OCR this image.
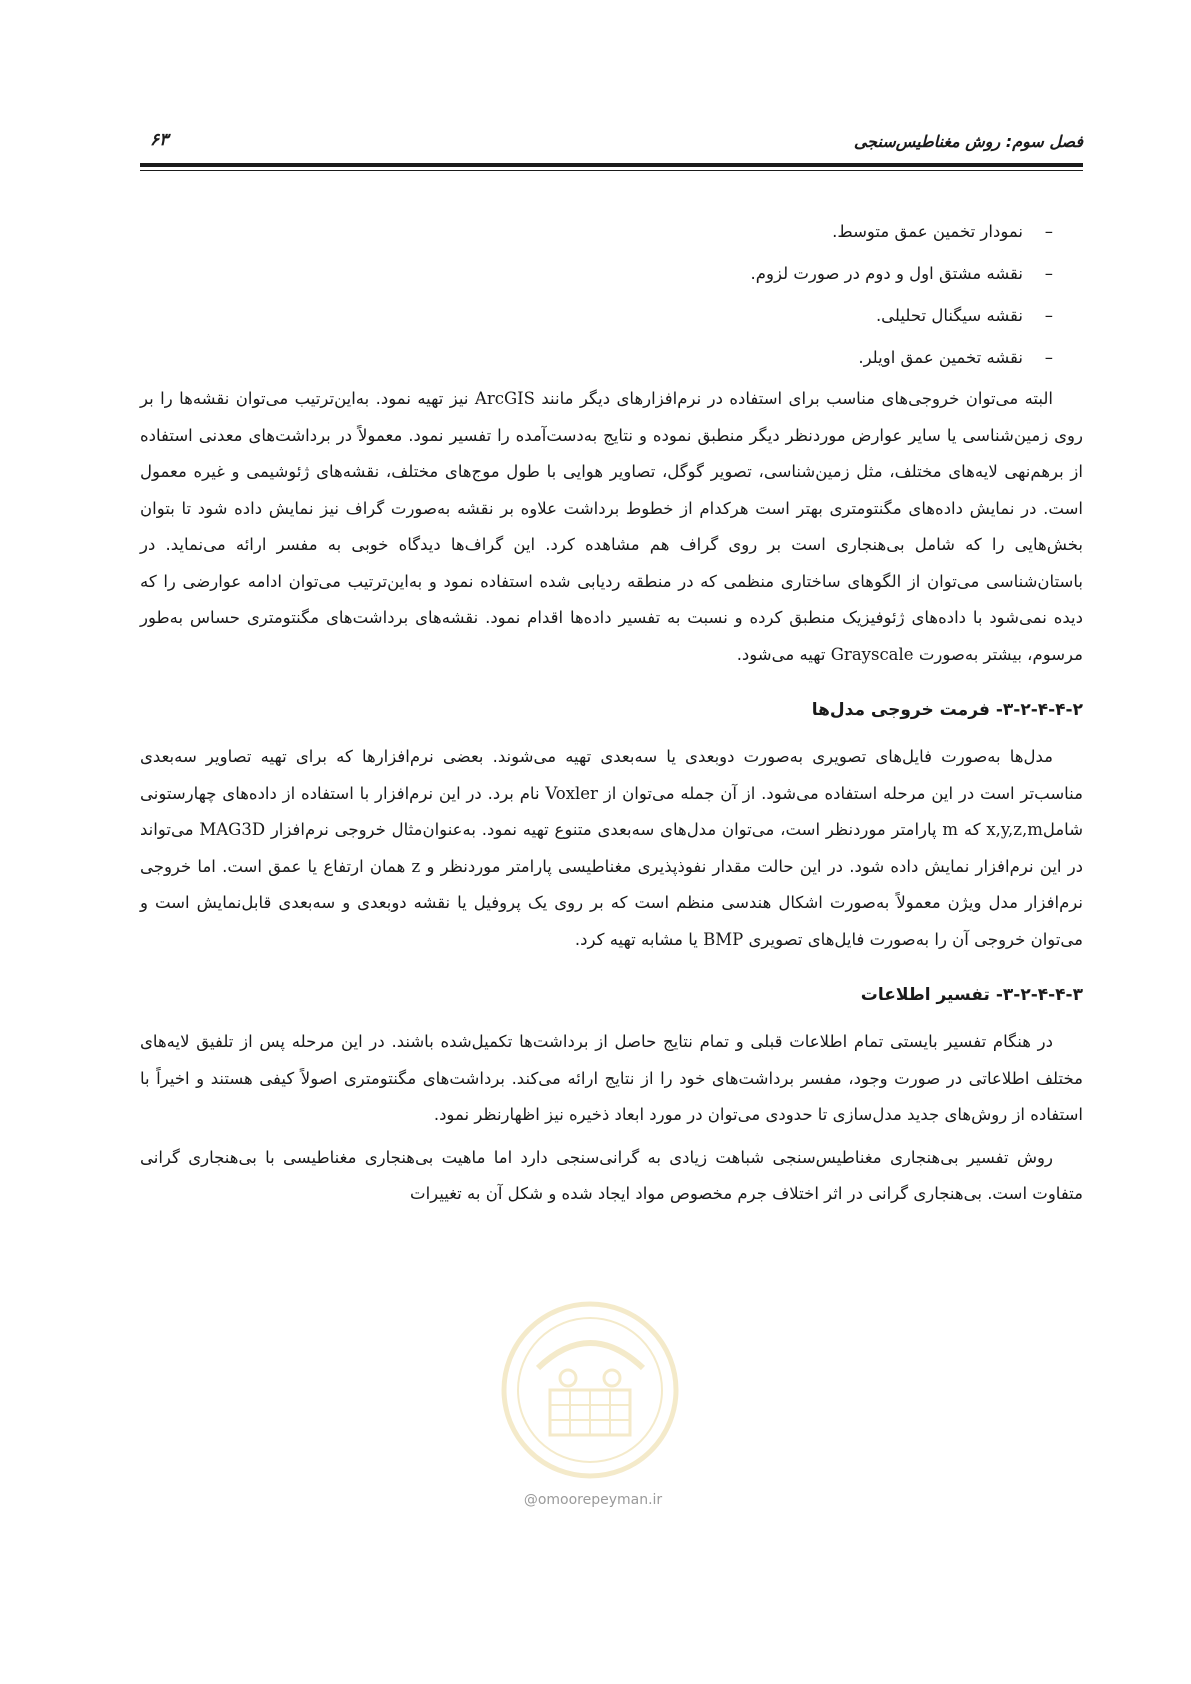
فصل سوم: روش مغناطیس‌سنجی
۶۳
–نمودار تخمین عمق متوسط.
–نقشه مشتق اول و دوم در صورت لزوم.
–نقشه سیگنال تحلیلی.
–نقشه تخمین عمق اویلر.

البته می‌توان خروجی‌های مناسب برای استفاده در نرم‌افزارهای دیگر مانند ArcGIS نیز تهیه نمود. به‌این‌ترتیب می‌توان نقشه‌ها را بر روی زمین‌شناسی یا سایر عوارض موردنظر دیگر منطبق نموده و نتایج به‌دست‌آمده را تفسیر نمود. معمولاً در برداشت‌های معدنی استفاده از برهم‌نهی لایه‌های مختلف، مثل زمین‌شناسی، تصویر گوگل، تصاویر هوایی با طول موج‌های مختلف، نقشه‌های ژئوشیمی و غیره معمول است. در نمایش داده‌های مگنتومتری بهتر است هرکدام از خطوط برداشت علاوه بر نقشه به‌صورت گراف نیز نمایش داده شود تا بتوان بخش‌هایی را که شامل بی‌هنجاری است بر روی گراف هم مشاهده کرد. این گراف‌ها دیدگاه خوبی به مفسر ارائه می‌نماید. در باستان‌شناسی می‌توان از الگوهای ساختاری منظمی که در منطقه ردیابی شده استفاده نمود و به‌این‌ترتیب می‌توان ادامه عوارضی را که دیده نمی‌شود با داده‌های ژئوفیزیک منطبق کرده و نسبت به تفسیر داده‌ها اقدام نمود. نقشه‌های برداشت‌های مگنتومتری حساس به‌طور مرسوم، بیشتر به‌صورت Grayscale تهیه می‌شود.

۳-۲-۴-۴-۲- فرمت خروجی مدل‌ها

مدل‌ها به‌صورت فایل‌های تصویری به‌صورت دوبعدی یا سه‌بعدی تهیه می‌شوند. بعضی نرم‌افزارها که برای تهیه تصاویر سه‌بعدی مناسب‌تر است در این مرحله استفاده می‌شود. از آن جمله می‌توان از Voxler نام برد. در این نرم‌افزار با استفاده از داده‌های چهارستونی شاملx,y,z,m که m پارامتر موردنظر است، می‌توان مدل‌های سه‌بعدی متنوع تهیه نمود. به‌عنوان‌مثال خروجی نرم‌افزار MAG3D می‌تواند در این نرم‌افزار نمایش داده شود. در این حالت مقدار نفوذپذیری مغناطیسی پارامتر موردنظر و z همان ارتفاع یا عمق است. اما خروجی نرم‌افزار مدل ویژن معمولاً به‌صورت اشکال هندسی منظم است که بر روی یک پروفیل یا نقشه دوبعدی و سه‌بعدی قابل‌نمایش است و می‌توان خروجی آن را به‌صورت فایل‌های تصویری BMP یا مشابه تهیه کرد.

۳-۲-۴-۴-۳- تفسیر اطلاعات

در هنگام تفسیر بایستی تمام اطلاعات قبلی و تمام نتایج حاصل از برداشت‌ها تکمیل‌شده باشند. در این مرحله پس از تلفیق لایه‌های مختلف اطلاعاتی در صورت وجود، مفسر برداشت‌های خود را از نتایج ارائه می‌کند. برداشت‌های مگنتومتری اصولاً کیفی هستند و اخیراً با استفاده از روش‌های جدید مدل‌سازی تا حدودی می‌توان در مورد ابعاد ذخیره نیز اظهارنظر نمود.

روش تفسیر بی‌هنجاری مغناطیس‌سنجی شباهت زیادی به گرانی‌سنجی دارد اما ماهیت بی‌هنجاری مغناطیسی با بی‌هنجاری گرانی متفاوت است. بی‌هنجاری گرانی در اثر اختلاف جرم مخصوص مواد ایجاد شده و شکل آن به تغییرات

@omoorepeyman.ir
